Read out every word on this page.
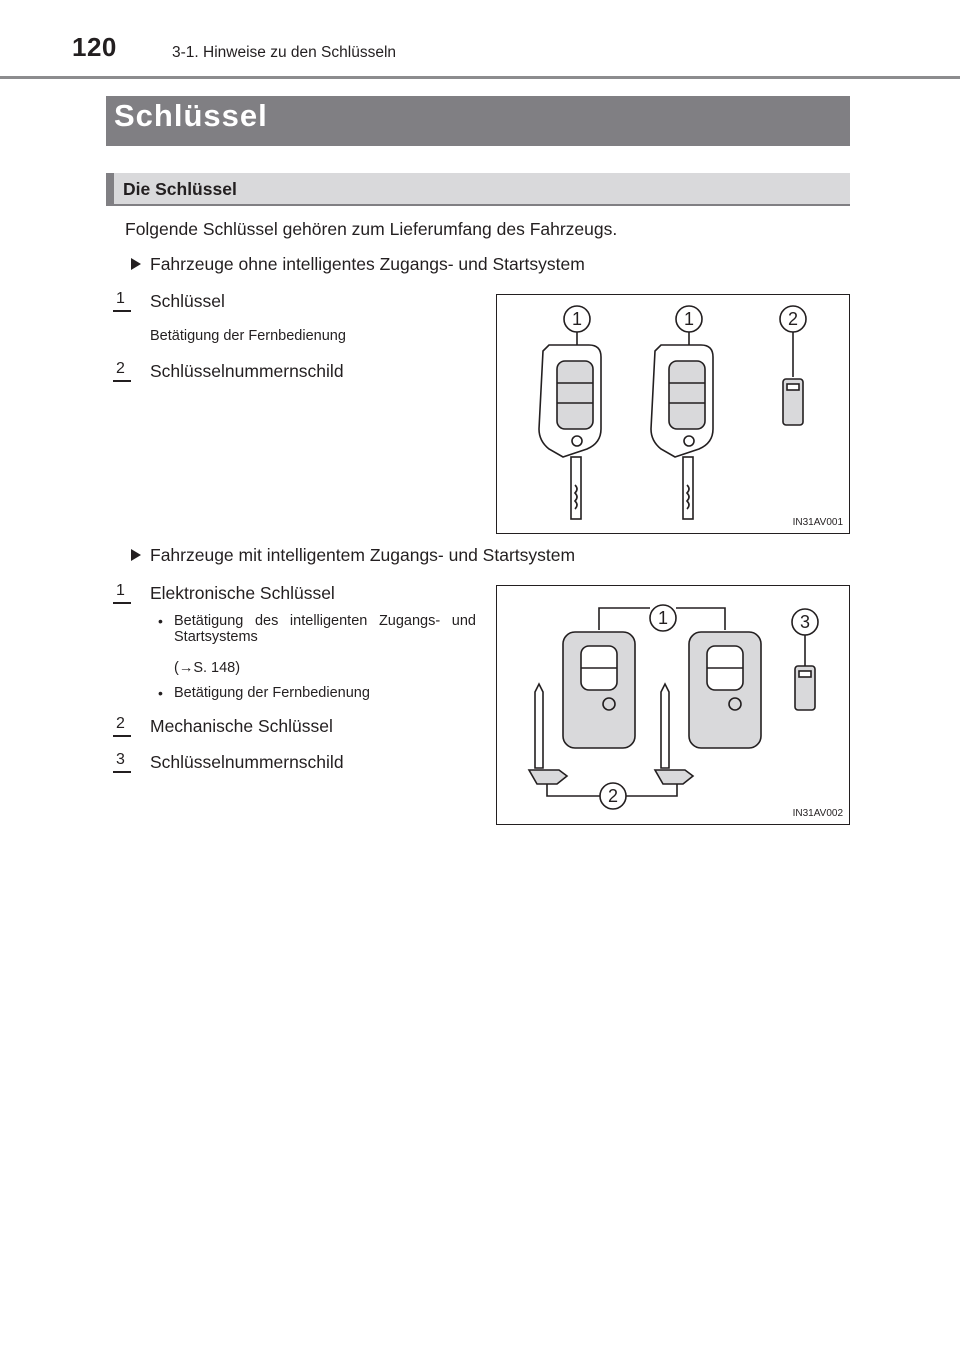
120	3-1. Hinweise zu den Schlüsseln
Schlüssel
Die Schlüssel
Folgende Schlüssel gehören zum Lieferumfang des Fahrzeugs.
Fahrzeuge ohne intelligentes Zugangs- und Startsystem
1 Schlüssel
Betätigung der Fernbedienung
2 Schlüsselnummernschild
1	1	2
IN31AV001
Fahrzeuge mit intelligentem Zugangs- und Startsystem
1 Elektronische Schlüssel
• Betätigung des intelligenten Zugangs- und Startsystems
(→S. 148)
• Betätigung der Fernbedienung
2 Mechanische Schlüssel
3 Schlüsselnummernschild
1	3
2
IN31AV002
